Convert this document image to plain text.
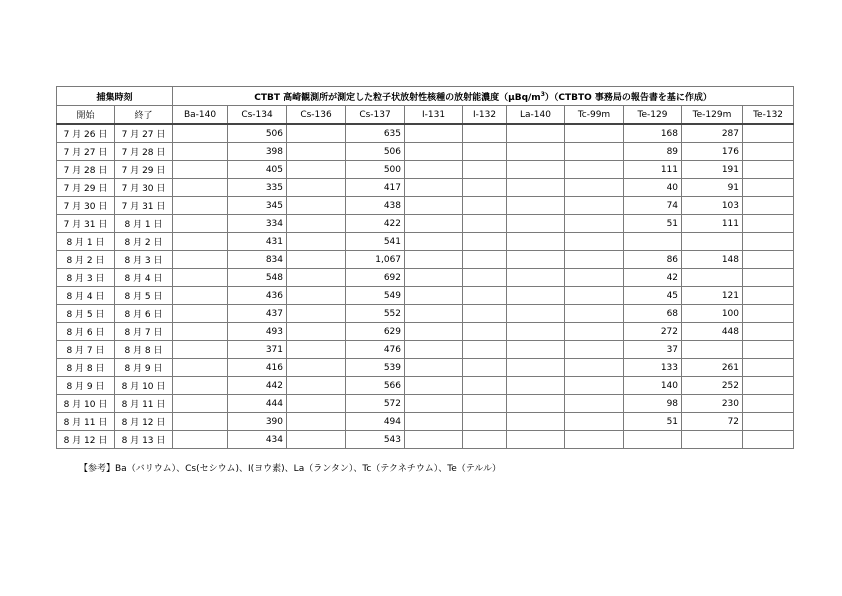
捕集時刻		CTBT 高崎観測所が測定した粒子状放射性核種の放射能濃度$(\mu Bq/m^3)(CTBTO$ 事務局の報告書を基に作成）										
開始	終了	Ba-140	Cs-134	Cs-136	Cs-137	I-131	I-132	La-140	Tc-99m	Te-129	Te-129m	Te-132
7 月 26 日	7 月 27 日		506		635					168	287	
7 月 27 日	7 月 28 日		398		506					89	176	
7 月 28 日	7 月 29 日		405		500					111	191	
7 月 29 日	7 月 30 日		335		417					40	91	
7 月 30 日	7 月 31 日		345		438					74	103	
7 月 31 日	8 月 1 日		334		422					51	111	
8 月 1 日	8 月 2 日		431		541							
8 月 2 日	8 月 3 日		834		1,067					86	148	
8 月 3 日	8 月 4 日		548		692					42		
8 月 4 日	8 月 5 日		436		549					45	121	
8 月 5 日	8 月 6 日		437		552					68	100	
8 月 6 日	8 月 7 日		493		629					272	448	
8 月 7 日	8 月 8 日		371		476					37		
8 月 8 日	8 月 9 日		416		539					133	261	
8 月 9 日	8 月 10 日		442		566					140	252	
8 月 10 日	8 月 11 日		444		572					98	230	
8 月 11 日	8 月 12 日		390		494					51	72	
8 月 12 日	8 月 13 日		434		543							
【参考】Ba（バリウム）、Cs(セシウム)、I(ヨウ素)、La（ランタン）、Tc（テクネチウム）、Te（テルル）
